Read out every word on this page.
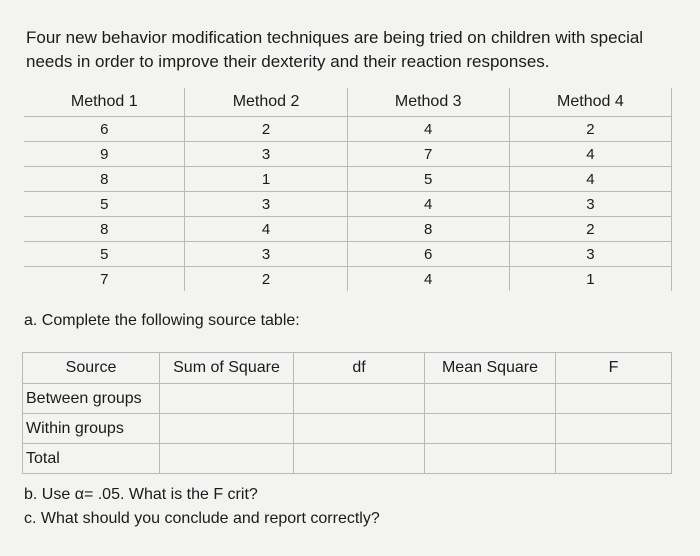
Four new behavior modification techniques are being tried on children with special needs in order to improve their dexterity and their reaction responses.

Method 1	Method 2	Method 3	Method 4
6	2	4	2
9	3	7	4
8	1	5	4
5	3	4	3
8	4	8	2
5	3	6	3
7	2	4	1

a. Complete the following source table:

Source	Sum of Square	df	Mean Square	F
Between groups				
Within groups				
Total				
b. Use α= .05. What is the F crit?
c. What should you conclude and report correctly?
